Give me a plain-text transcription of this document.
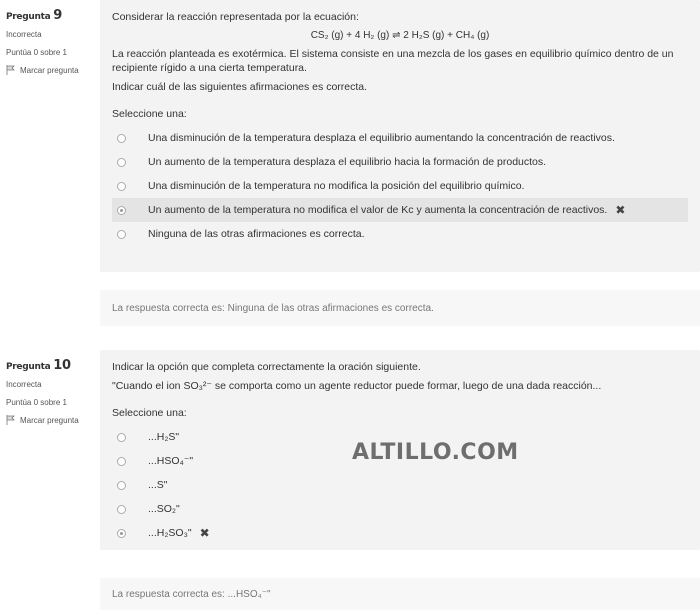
Pregunta 9
Incorrecta
Puntúa 0 sobre 1
Marcar pregunta

Considerar la reacción representada por la ecuación:

CS₂ (g) + 4 H₂ (g) ⇌ 2 H₂S (g) + CH₄ (g)

La reacción planteada es exotérmica. El sistema consiste en una mezcla de los gases en equilibrio químico dentro de un recipiente rígido a una cierta temperatura.

Indicar cuál de las siguientes afirmaciones es correcta.

Seleccione una:
Una disminución de la temperatura desplaza el equilibrio aumentando la concentración de reactivos.
Un aumento de la temperatura desplaza el equilibrio hacia la formación de productos.
Una disminución de la temperatura no modifica la posición del equilibrio químico.
Un aumento de la temperatura no modifica el valor de Kc y aumenta la concentración de reactivos. ✖
Ninguna de las otras afirmaciones es correcta.
La respuesta correcta es: Ninguna de las otras afirmaciones es correcta.
Pregunta 10
Incorrecta
Puntúa 0 sobre 1
Marcar pregunta

Indicar la opción que completa correctamente la oración siguiente.

"Cuando el ion SO₃²⁻ se comporta como un agente reductor puede formar, luego de una dada reacción...

Seleccione una:
...H₂S"
...HSO₄⁻"
...S"
...SO₂"
...H₂SO₃" ✖
La respuesta correcta es: ...HSO₄⁻"
ALTILLO.COM
